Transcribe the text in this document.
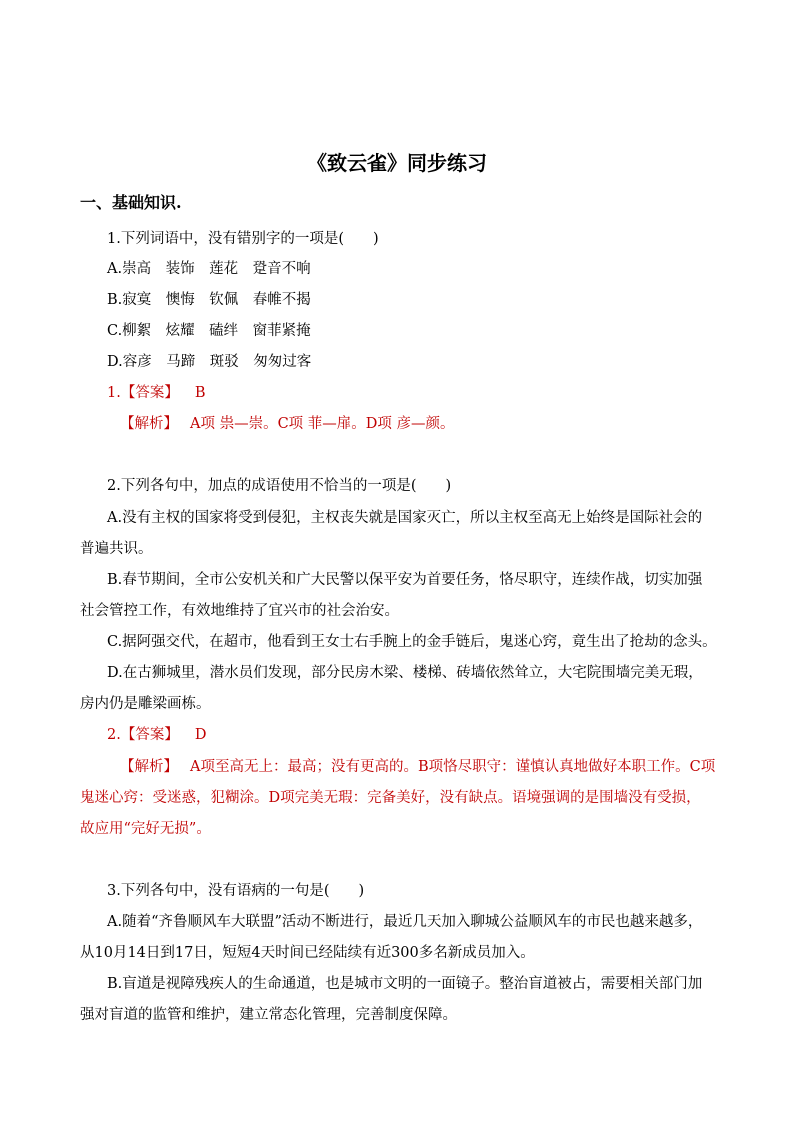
《致云雀》同步练习
一、基础知识.
1.下列词语中，没有错别字的一项是(　　)
A.崇高　装饰　莲花　跫音不响
B.寂寞　懊悔　钦佩　春帷不揭
C.柳絮　炫耀　磕绊　窗菲紧掩
D.容彦　马蹄　斑驳　匆匆过客
1.【答案】 B
【解析】 A项 祟—崇。C项 菲—扉。D项 彦—颜。
2.下列各句中，加点的成语使用不恰当的一项是(　　)
A.没有主权的国家将受到侵犯，主权丧失就是国家灭亡，所以主权至高无上始终是国际社会的
普遍共识。
B.春节期间，全市公安机关和广大民警以保平安为首要任务，恪尽职守，连续作战，切实加强
社会管控工作，有效地维持了宜兴市的社会治安。
C.据阿强交代，在超市，他看到王女士右手腕上的金手链后，鬼迷心窍，竟生出了抢劫的念头。
D.在古狮城里，潜水员们发现，部分民房木梁、楼梯、砖墙依然耸立，大宅院围墙完美无瑕，
房内仍是雕梁画栋。
2.【答案】 D
【解析】 A项至高无上：最高；没有更高的。B项恪尽职守：谨慎认真地做好本职工作。C项
鬼迷心窍：受迷惑，犯糊涂。D项完美无瑕：完备美好，没有缺点。语境强调的是围墙没有受损，
故应用“完好无损”。
3.下列各句中，没有语病的一句是(　　)
A.随着“齐鲁顺风车大联盟”活动不断进行，最近几天加入聊城公益顺风车的市民也越来越多，
从10月14日到17日，短短4天时间已经陆续有近300多名新成员加入。
B.盲道是视障残疾人的生命通道，也是城市文明的一面镜子。整治盲道被占，需要相关部门加
强对盲道的监管和维护，建立常态化管理，完善制度保障。
